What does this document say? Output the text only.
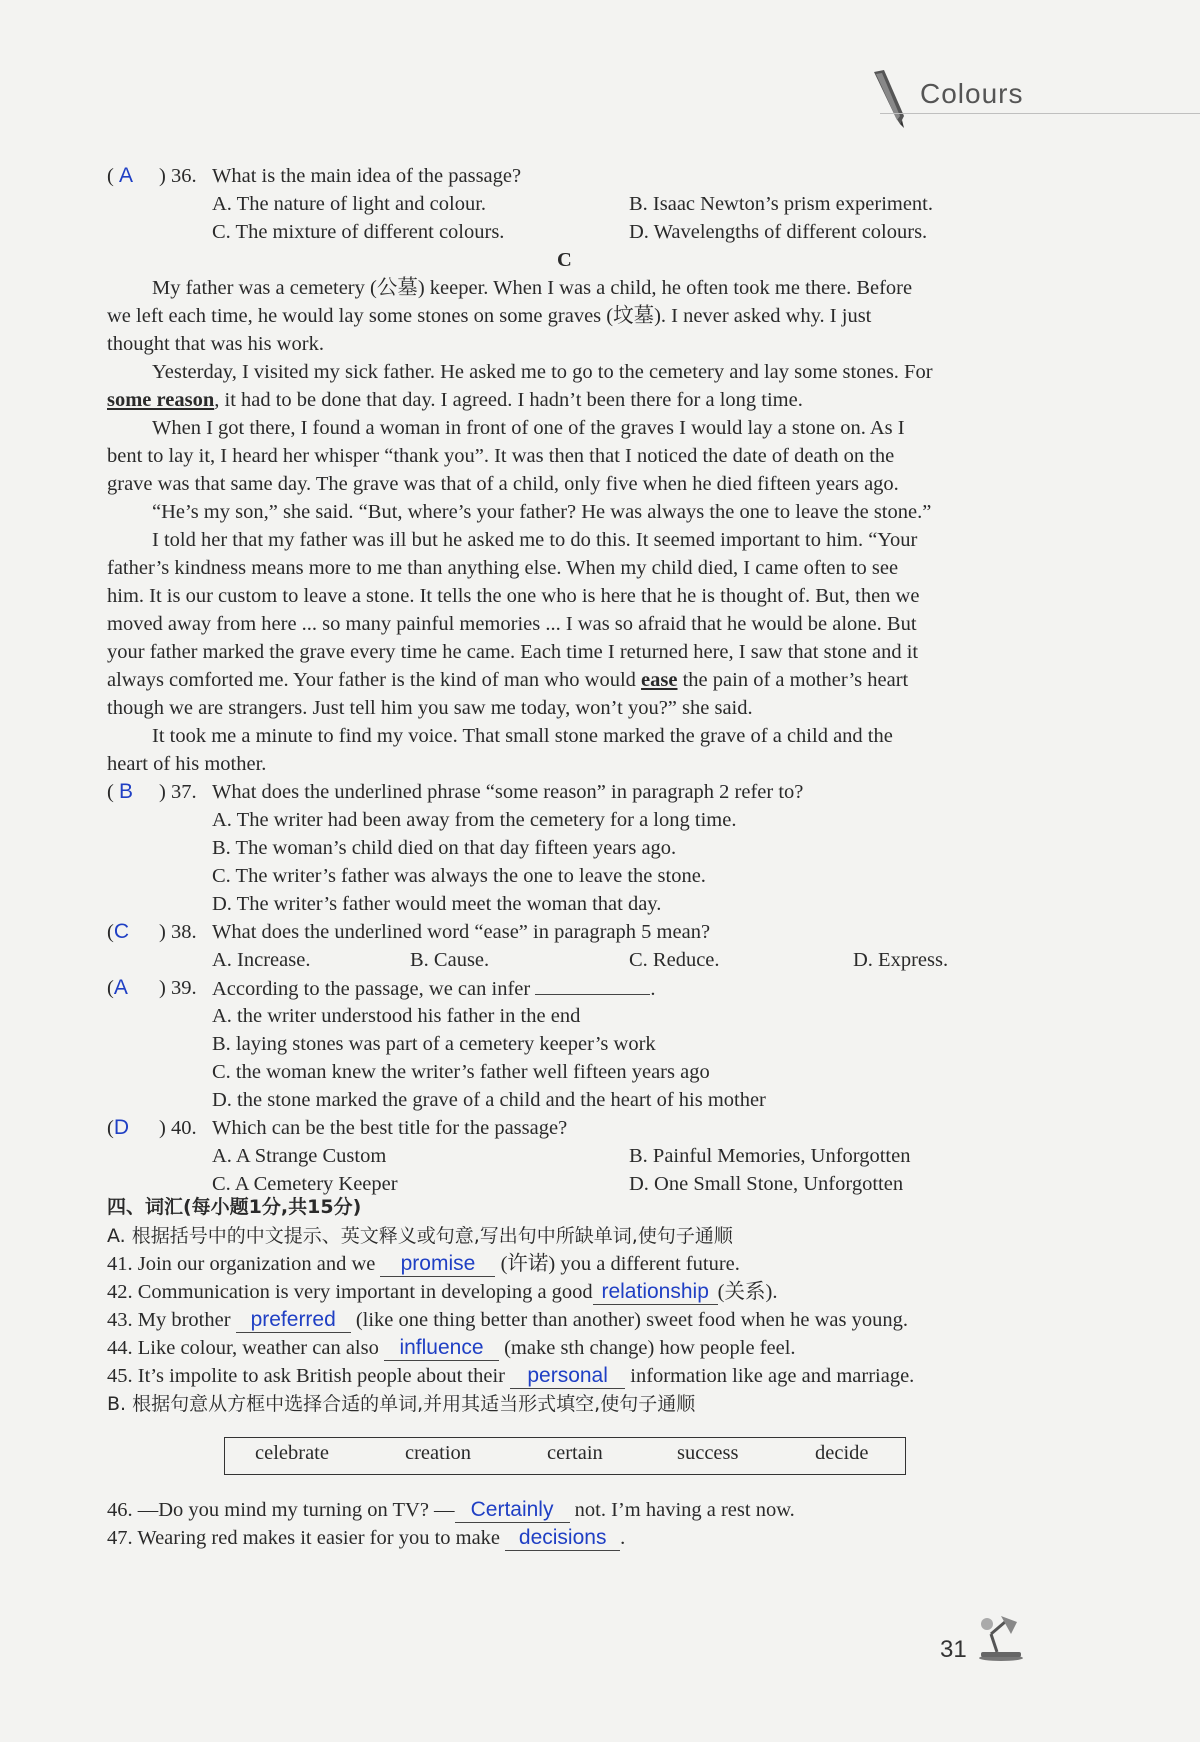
Colours
( A ) 36. What is the main idea of the passage?
A. The nature of light and colour.	B. Isaac Newton’s prism experiment.
C. The mixture of different colours.	D. Wavelengths of different colours.
C
My father was a cemetery (公墓) keeper. When I was a child, he often took me there. Before
we left each time, he would lay some stones on some graves (坟墓). I never asked why. I just
thought that was his work.
Yesterday, I visited my sick father. He asked me to go to the cemetery and lay some stones. For
some reason, it had to be done that day. I agreed. I hadn’t been there for a long time.
When I got there, I found a woman in front of one of the graves I would lay a stone on. As I
bent to lay it, I heard her whisper “thank you”. It was then that I noticed the date of death on the
grave was that same day. The grave was that of a child, only five when he died fifteen years ago.
“He’s my son,” she said. “But, where’s your father? He was always the one to leave the stone.”
I told her that my father was ill but he asked me to do this. It seemed important to him. “Your
father’s kindness means more to me than anything else. When my child died, I came often to see
him. It is our custom to leave a stone. It tells the one who is here that he is thought of. But, then we
moved away from here ... so many painful memories ... I was so afraid that he would be alone. But
your father marked the grave every time he came. Each time I returned here, I saw that stone and it
always comforted me. Your father is the kind of man who would ease the pain of a mother’s heart
though we are strangers. Just tell him you saw me today, won’t you?” she said.
It took me a minute to find my voice. That small stone marked the grave of a child and the
heart of his mother.
( B ) 37. What does the underlined phrase “some reason” in paragraph 2 refer to?
A. The writer had been away from the cemetery for a long time.
B. The woman’s child died on that day fifteen years ago.
C. The writer’s father was always the one to leave the stone.
D. The writer’s father would meet the woman that day.
(C ) 38. What does the underlined word “ease” in paragraph 5 mean?
A. Increase.	B. Cause.	C. Reduce.	D. Express.
(A ) 39. According to the passage, we can infer	.
A. the writer understood his father in the end
B. laying stones was part of a cemetery keeper’s work
C. the woman knew the writer’s father well fifteen years ago
D. the stone marked the grave of a child and the heart of his mother
(D ) 40. Which can be the best title for the passage?
A. A Strange Custom	B. Painful Memories, Unforgotten
C. A Cemetery Keeper	D. One Small Stone, Unforgotten
四、词汇(每小题1分,共15分)
A. 根据括号中的中文提示、英文释义或句意,写出句中所缺单词,使句子通顺
41. Join our organization and we promise (许诺) you a different future.
42. Communication is very important in developing a good relationship (关系).
43. My brother preferred (like one thing better than another) sweet food when he was young.
44. Like colour, weather can also influence (make sth change) how people feel.
45. It’s impolite to ask British people about their personal information like age and marriage.
B. 根据句意从方框中选择合适的单词,并用其适当形式填空,使句子通顺
celebrate	creation	certain	success	decide
46. —Do you mind my turning on TV? — Certainly not. I’m having a rest now.
47. Wearing red makes it easier for you to make decisions .
31
